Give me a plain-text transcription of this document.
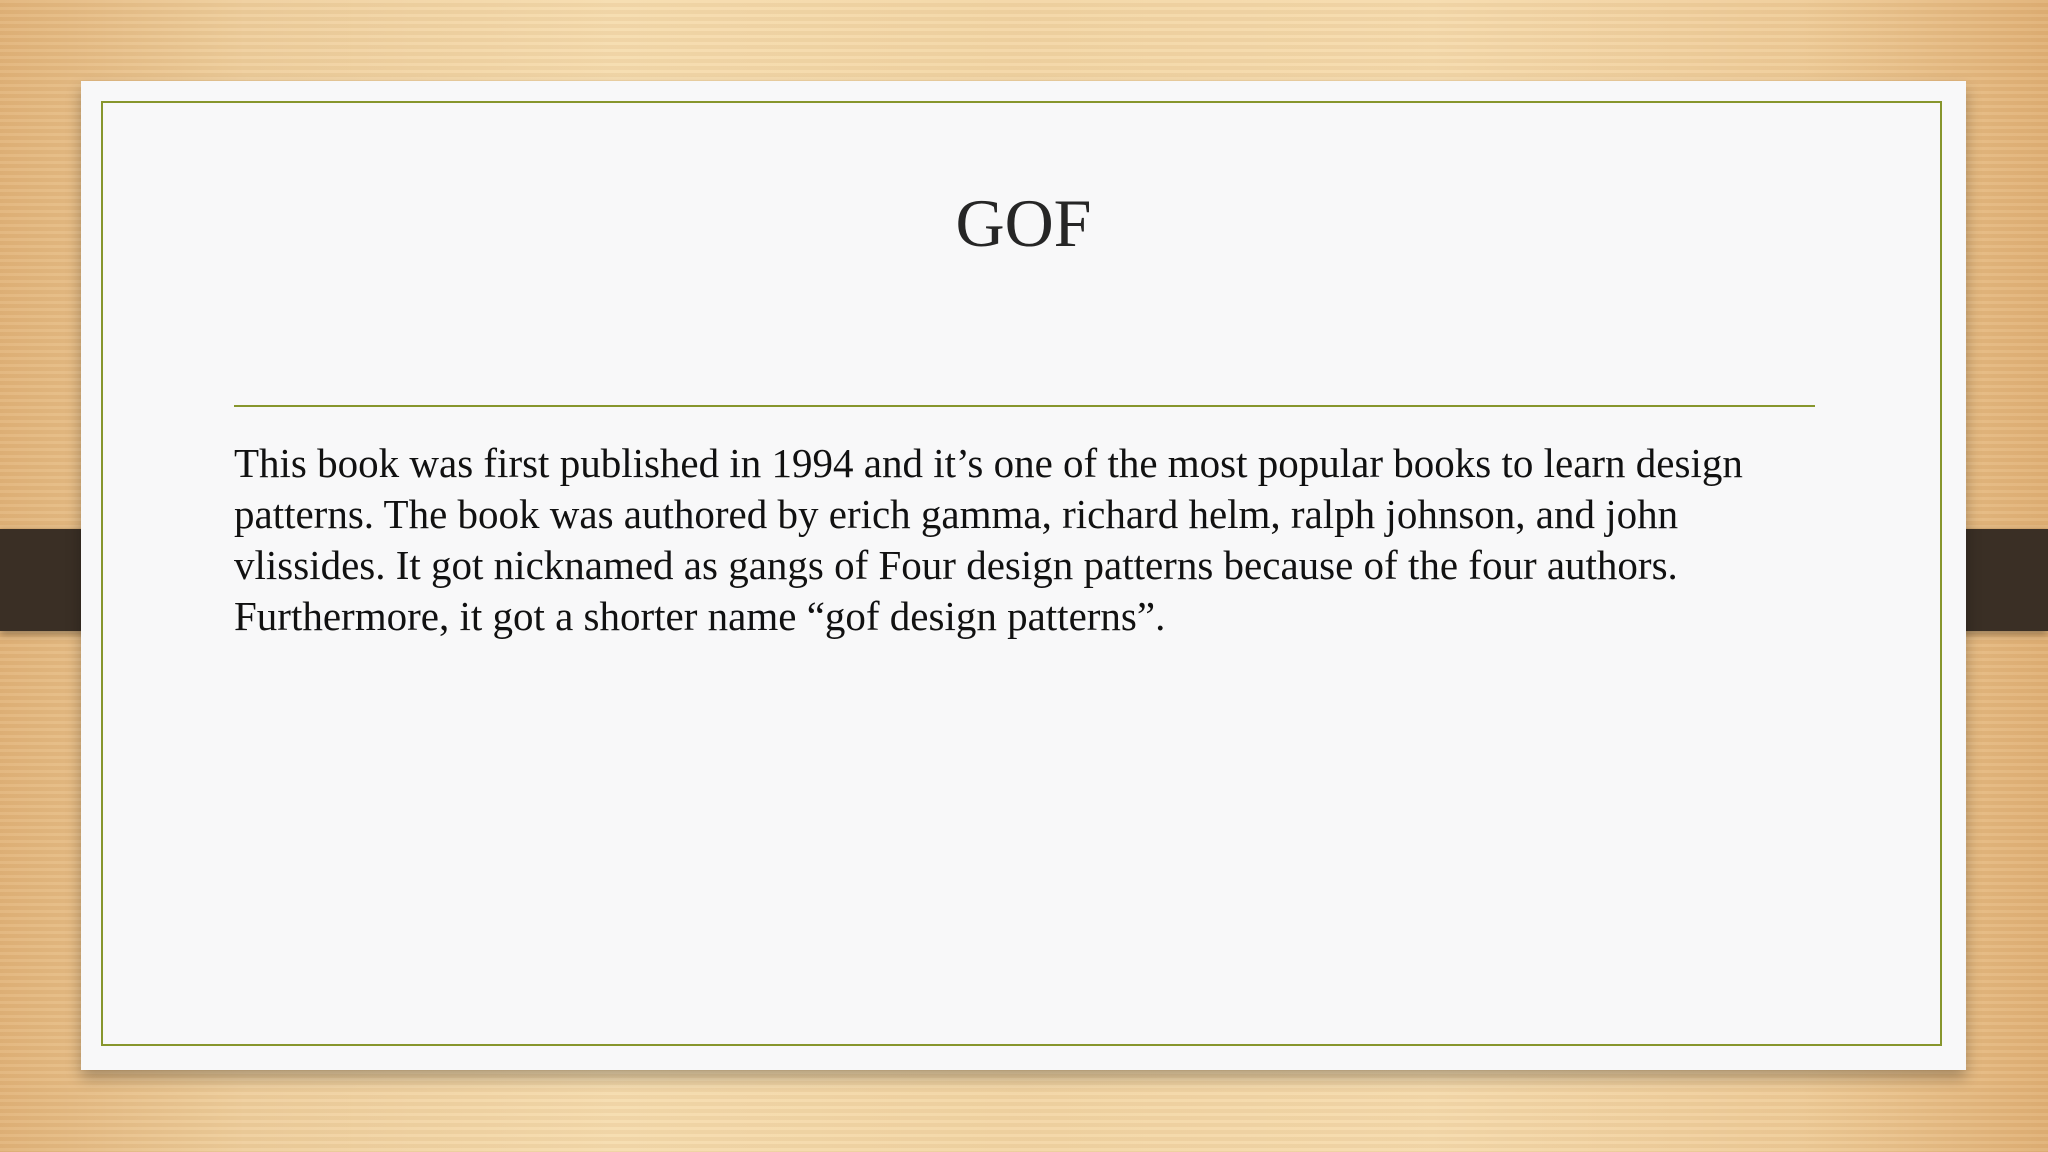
GOF

This book was first published in 1994 and it’s one of the most popular books to learn design patterns. The book was authored by erich gamma, richard helm, ralph johnson, and john vlissides. It got nicknamed as gangs of Four design patterns because of the four authors. Furthermore, it got a shorter name “gof design patterns”.
